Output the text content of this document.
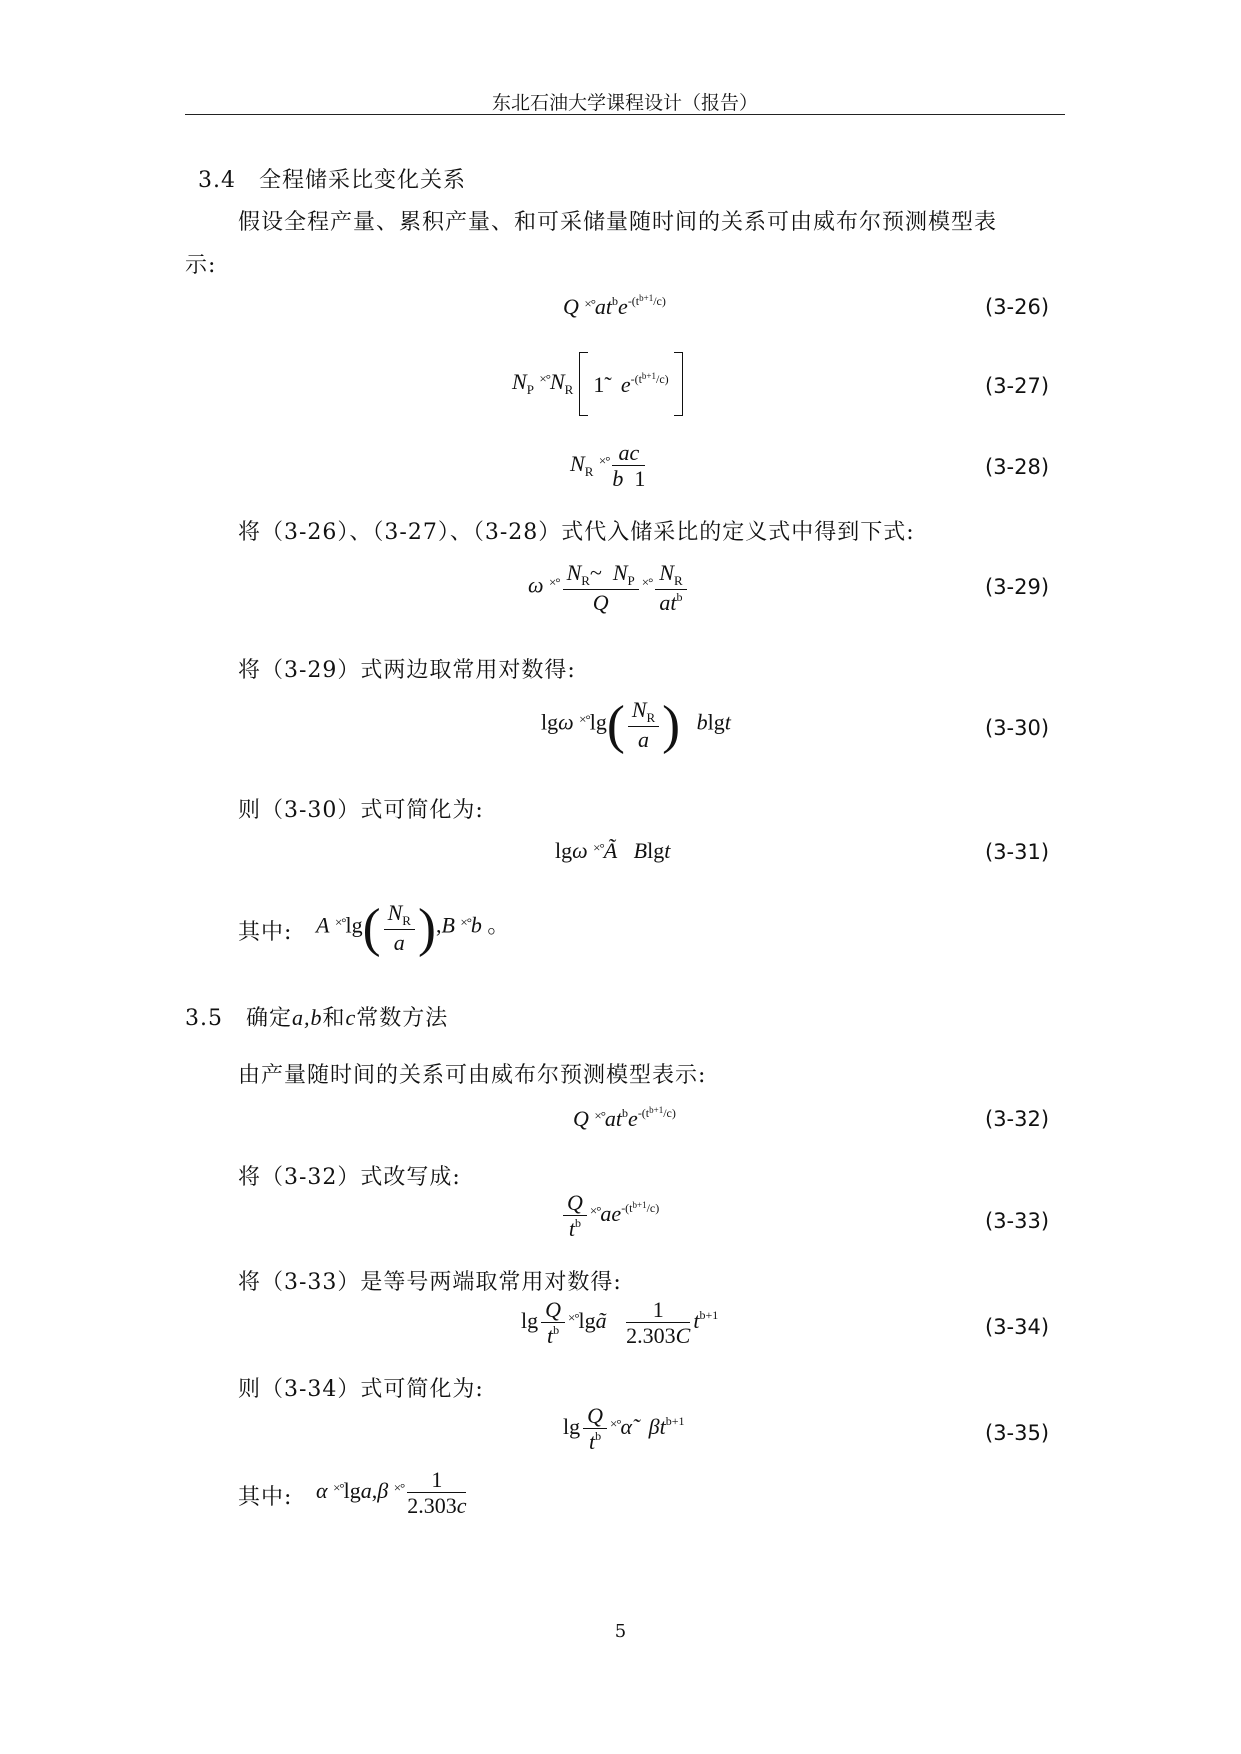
东北石油大学课程设计（报告）
3.4　全程储采比变化关系
假设全程产量、累积产量、和可采储量随时间的关系可由威布尔预测模型表
示:
Q $^{\times^\circ}at^be^{-(t^{b+1}/c)}$	(3-26)
$N_P$ $^{\times^\circ}N_R$ 1̃   $e^{-(t^{b+1}/c)}$	(3-27)
$N_R$ $^{\times^\circ} \frac{ac}{b 1}$	(3-28)
将（3-26）、（3-27）、（3-28）式代入储采比的定义式中得到下式:
ω $^{\times^\circ} \frac{N_R\sim N_P}{Q} ^{\times^\circ} \frac{N_R}{at^b}$	(3-29)
将（3-29）式两边取常用对数得:
lgω $^{\times^\circ}\lg( \frac{N_R}{a}$ ) blgt	(3-30)
则（3-30）式可简化为:
lgω ×°Ã Blgt	(3-31)
其中: A $^{\times^\circ}\lg( \frac{N_R}{a} ),B$ ×°b 。
3.5　确定a,b和c常数方法
由产量随时间的关系可由威布尔预测模型表示:
Q $^{\times^\circ}at^be^{-(t^{b+1}/c)}$	(3-32)
将（3-32）式改写成:
$\frac{Q}{t^b} ^{\times^\circ}ae^{-(t^{b+1}/c)}$
(3-33)
将（3-33）是等号两端取常用对数得:
$\lg \frac{Q}{t^b}$ ×°lgã $\frac{1}{2.303C} t^{b+1}$
(3-34)
则（3-34）式可简化为:
$\lg \frac{Q}{t^b}$ ×°α̃ $\beta t^{b+1}$
(3-35)
其中: α ×°lga,β $^{\times^\circ} \frac{1}{2.303c}$
5
